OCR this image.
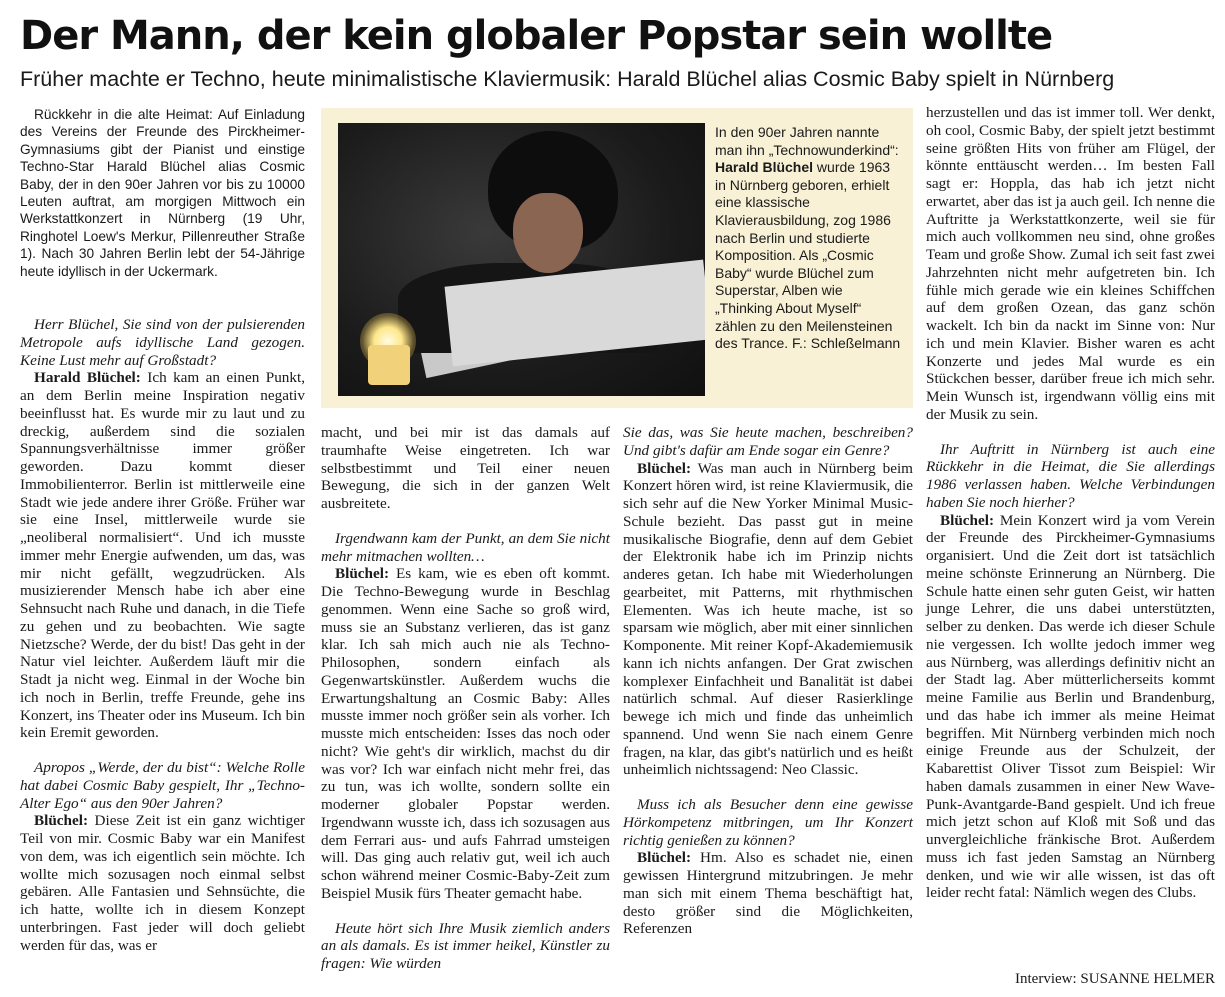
Der Mann, der kein globaler Popstar sein wollte
Früher machte er Techno, heute minimalistische Klaviermusik: Harald Blüchel alias Cosmic Baby spielt in Nürnberg

Rückkehr in die alte Heimat: Auf Einladung des Vereins der Freunde des Pirckheimer-Gymnasiums gibt der Pianist und einstige Techno-Star Harald Blüchel alias Cosmic Baby, der in den 90er Jahren vor bis zu 10000 Leuten auftrat, am morgigen Mittwoch ein Werkstattkonzert in Nürnberg (19 Uhr, Ringhotel Loew's Merkur, Pillenreuther Straße 1). Nach 30 Jahren Berlin lebt der 54-Jährige heute idyllisch in der Uckermark.

Herr Blüchel, Sie sind von der pulsierenden Metropole aufs idyllische Land gezogen. Keine Lust mehr auf Großstadt?

Harald Blüchel: Ich kam an einen Punkt, an dem Berlin meine Inspiration negativ beeinflusst hat. Es wurde mir zu laut und zu dreckig, außerdem sind die sozialen Spannungsverhältnisse immer größer geworden. Dazu kommt dieser Immobilienterror. Berlin ist mittlerweile eine Stadt wie jede andere ihrer Größe. Früher war sie eine Insel, mittlerweile wurde sie „neoliberal normalisiert“. Und ich musste immer mehr Energie aufwenden, um das, was mir nicht gefällt, wegzudrücken. Als musizierender Mensch habe ich aber eine Sehnsucht nach Ruhe und danach, in die Tiefe zu gehen und zu beobachten. Wie sagte Nietzsche? Werde, der du bist! Das geht in der Natur viel leichter. Außerdem läuft mir die Stadt ja nicht weg. Einmal in der Woche bin ich noch in Berlin, treffe Freunde, gehe ins Konzert, ins Theater oder ins Museum. Ich bin kein Eremit geworden.

Apropos „Werde, der du bist“: Welche Rolle hat dabei Cosmic Baby gespielt, Ihr „Techno-Alter Ego“ aus den 90er Jahren?

Blüchel: Diese Zeit ist ein ganz wichtiger Teil von mir. Cosmic Baby war ein Manifest von dem, was ich eigentlich sein möchte. Ich wollte mich sozusagen noch einmal selbst gebären. Alle Fantasien und Sehnsüchte, die ich hatte, wollte ich in diesem Konzept unterbringen. Fast jeder will doch geliebt werden für das, was er

In den 90er Jahren nannte man ihn „Technowunderkind“: Harald Blüchel wurde 1963 in Nürnberg geboren, erhielt eine klassische Klavierausbildung, zog 1986 nach Berlin und studierte Komposition. Als „Cosmic Baby“ wurde Blüchel zum Superstar, Alben wie „Thinking About Myself“ zählen zu den Meilensteinen des Trance. F.: Schleßelmann

macht, und bei mir ist das damals auf traumhafte Weise eingetreten. Ich war selbstbestimmt und Teil einer neuen Bewegung, die sich in der ganzen Welt ausbreitete.

Irgendwann kam der Punkt, an dem Sie nicht mehr mitmachen wollten…

Blüchel: Es kam, wie es eben oft kommt. Die Techno-Bewegung wurde in Beschlag genommen. Wenn eine Sache so groß wird, muss sie an Substanz verlieren, das ist ganz klar. Ich sah mich auch nie als Techno-Philosophen, sondern einfach als Gegenwartskünstler. Außerdem wuchs die Erwartungshaltung an Cosmic Baby: Alles musste immer noch größer sein als vorher. Ich musste mich entscheiden: Isses das noch oder nicht? Wie geht's dir wirklich, machst du dir was vor? Ich war einfach nicht mehr frei, das zu tun, was ich wollte, sondern sollte ein moderner globaler Popstar werden. Irgendwann wusste ich, dass ich sozusagen aus dem Ferrari aus- und aufs Fahrrad umsteigen will. Das ging auch relativ gut, weil ich auch schon während meiner Cosmic-Baby-Zeit zum Beispiel Musik fürs Theater gemacht habe.

Heute hört sich Ihre Musik ziemlich anders an als damals. Es ist immer heikel, Künstler zu fragen: Wie würden

Sie das, was Sie heute machen, beschreiben? Und gibt's dafür am Ende sogar ein Genre?

Blüchel: Was man auch in Nürnberg beim Konzert hören wird, ist reine Klaviermusik, die sich sehr auf die New Yorker Minimal Music-Schule bezieht. Das passt gut in meine musikalische Biografie, denn auf dem Gebiet der Elektronik habe ich im Prinzip nichts anderes getan. Ich habe mit Wiederholungen gearbeitet, mit Patterns, mit rhythmischen Elementen. Was ich heute mache, ist so sparsam wie möglich, aber mit einer sinnlichen Komponente. Mit reiner Kopf-Akademiemusik kann ich nichts anfangen. Der Grat zwischen komplexer Einfachheit und Banalität ist dabei natürlich schmal. Auf dieser Rasierklinge bewege ich mich und finde das unheimlich spannend. Und wenn Sie nach einem Genre fragen, na klar, das gibt's natürlich und es heißt unheimlich nichtssagend: Neo Classic.

Muss ich als Besucher denn eine gewisse Hörkompetenz mitbringen, um Ihr Konzert richtig genießen zu können?

Blüchel: Hm. Also es schadet nie, einen gewissen Hintergrund mitzubringen. Je mehr man sich mit einem Thema beschäftigt hat, desto größer sind die Möglichkeiten, Referenzen

herzustellen und das ist immer toll. Wer denkt, oh cool, Cosmic Baby, der spielt jetzt bestimmt seine größten Hits von früher am Flügel, der könnte enttäuscht werden… Im besten Fall sagt er: Hoppla, das hab ich jetzt nicht erwartet, aber das ist ja auch geil. Ich nenne die Auftritte ja Werkstattkonzerte, weil sie für mich auch vollkommen neu sind, ohne großes Team und große Show. Zumal ich seit fast zwei Jahrzehnten nicht mehr aufgetreten bin. Ich fühle mich gerade wie ein kleines Schiffchen auf dem großen Ozean, das ganz schön wackelt. Ich bin da nackt im Sinne von: Nur ich und mein Klavier. Bisher waren es acht Konzerte und jedes Mal wurde es ein Stückchen besser, darüber freue ich mich sehr. Mein Wunsch ist, irgendwann völlig eins mit der Musik zu sein.

Ihr Auftritt in Nürnberg ist auch eine Rückkehr in die Heimat, die Sie allerdings 1986 verlassen haben. Welche Verbindungen haben Sie noch hierher?

Blüchel: Mein Konzert wird ja vom Verein der Freunde des Pirckheimer-Gymnasiums organisiert. Und die Zeit dort ist tatsächlich meine schönste Erinnerung an Nürnberg. Die Schule hatte einen sehr guten Geist, wir hatten junge Lehrer, die uns dabei unterstützten, selber zu denken. Das werde ich dieser Schule nie vergessen. Ich wollte jedoch immer weg aus Nürnberg, was allerdings definitiv nicht an der Stadt lag. Aber mütterlicherseits kommt meine Familie aus Berlin und Brandenburg, und das habe ich immer als meine Heimat begriffen. Mit Nürnberg verbinden mich noch einige Freunde aus der Schulzeit, der Kabarettist Oliver Tissot zum Beispiel: Wir haben damals zusammen in einer New Wave-Punk-Avantgarde-Band gespielt. Und ich freue mich jetzt schon auf Kloß mit Soß und das unvergleichliche fränkische Brot. Außerdem muss ich fast jeden Samstag an Nürnberg denken, und wie wir alle wissen, ist das oft leider recht fatal: Nämlich wegen des Clubs.

Interview: SUSANNE HELMER
